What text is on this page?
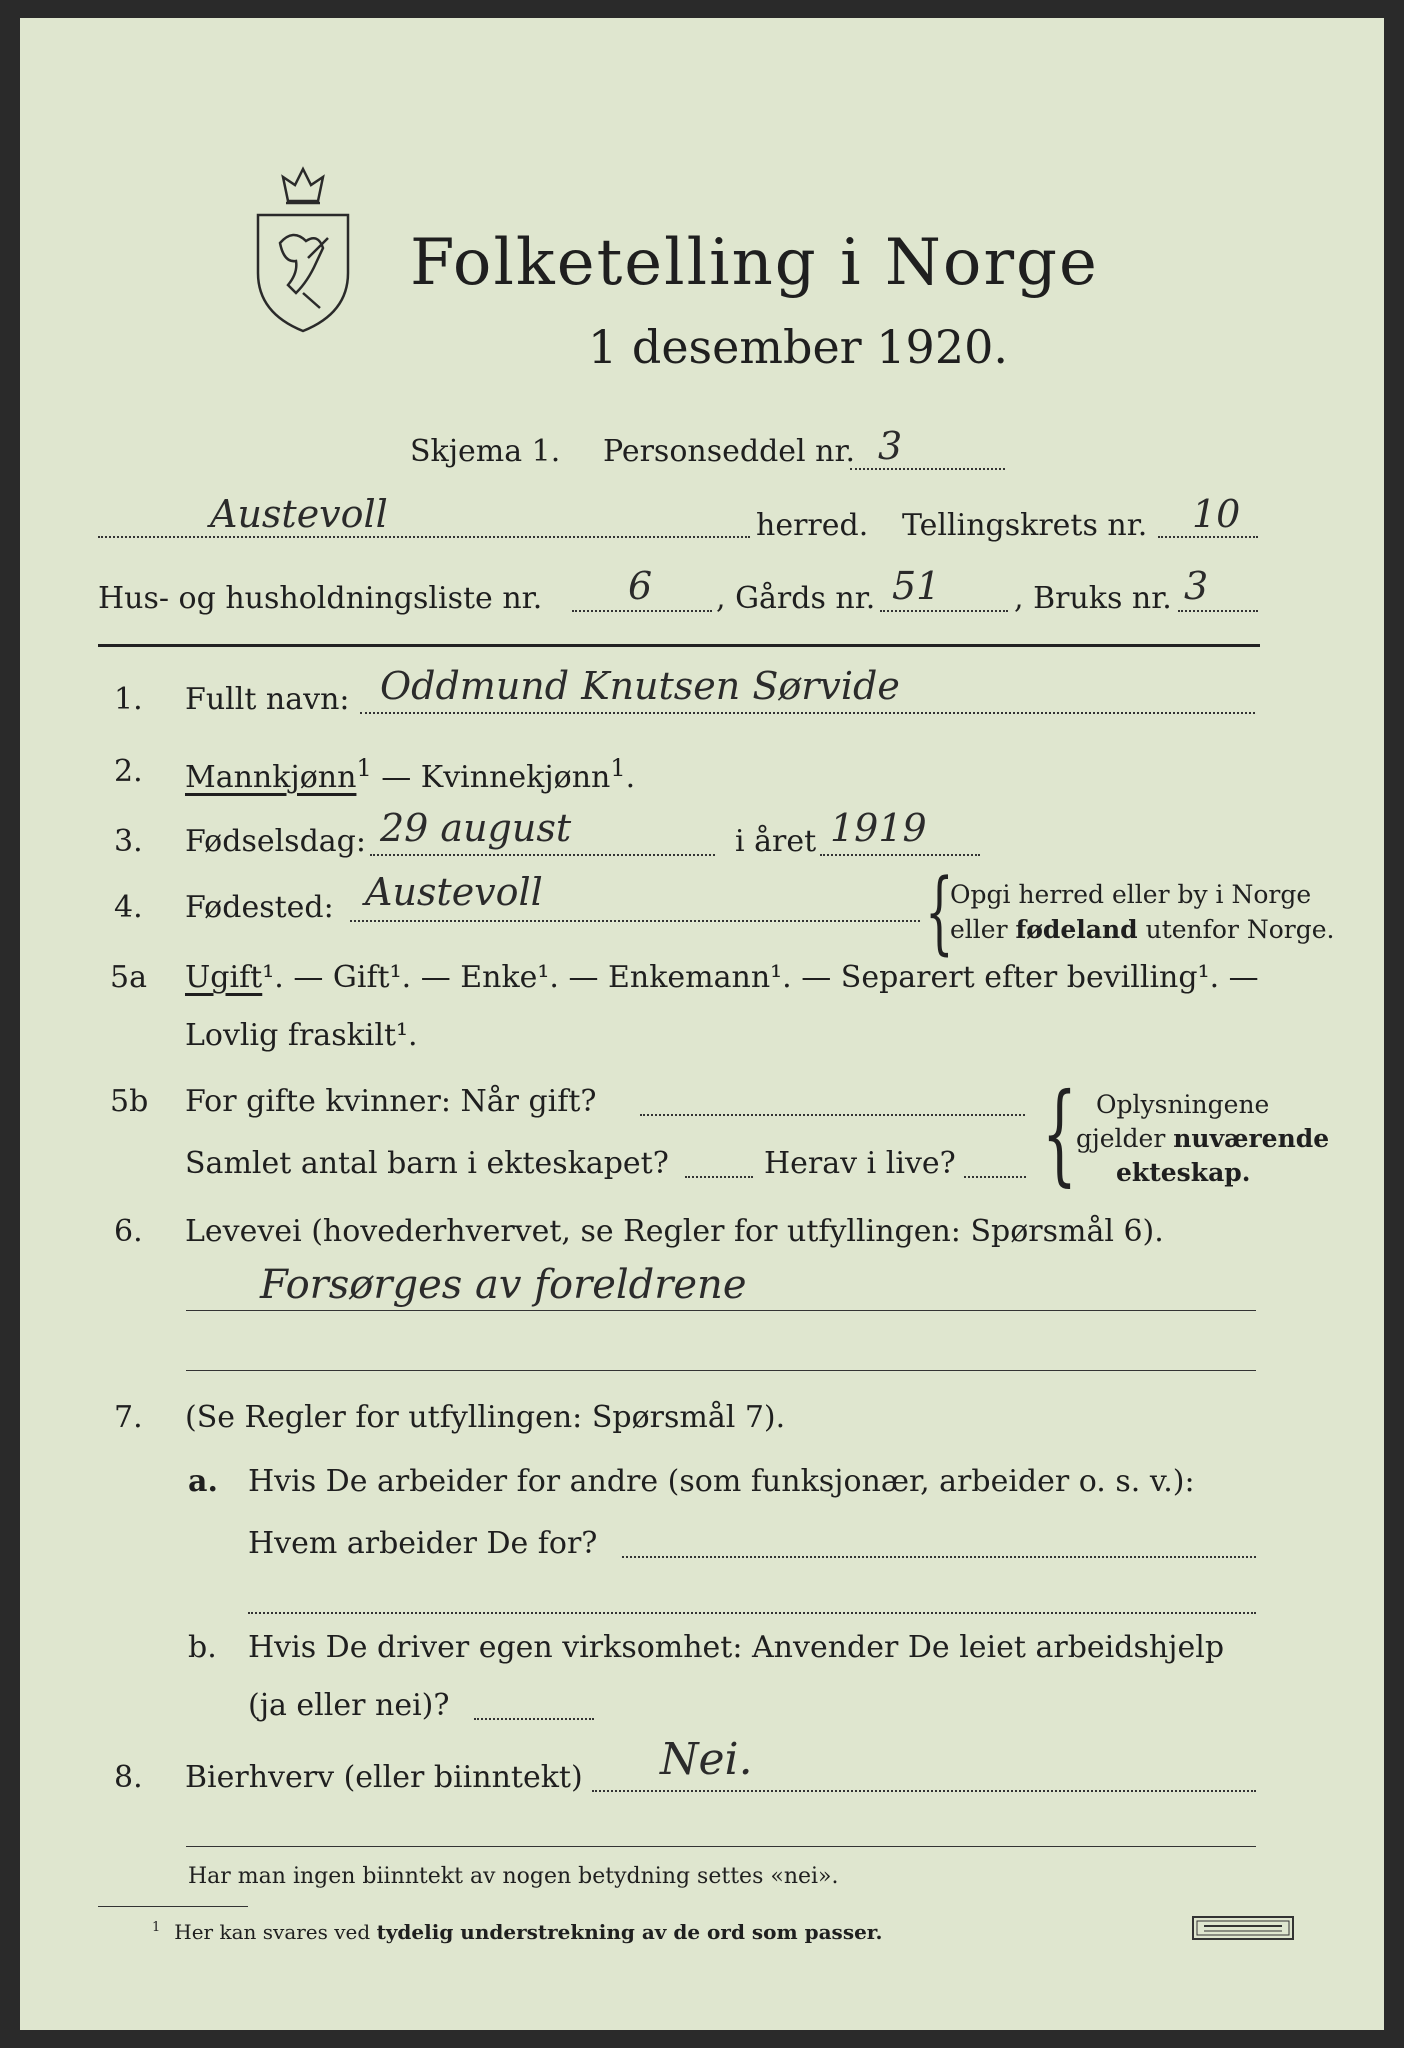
Folketelling i Norge
1 desember 1920.
Skjema 1. Personseddel nr. 3
Austevoll	herred. Tellingskrets nr. 10
Hus- og husholdningsliste nr. 6 , Gårds nr. 51 , Bruks nr. 3
1. Fullt navn: Oddmund Knutsen Sørvide
2. Mannkjønn$^1$ — Kvinnekjønn$^1$.
3. Fødselsdag: 29 august	i året 1919
4. Fødested: Austevoll	{
Opgi herred eller by i Norge
eller fødeland utenfor Norge.
5a Ugift¹. — Gift¹. — Enke¹. — Enkemann¹. — Separert efter bevilling¹. —
Lovlig fraskilt¹.
5b For gifte kvinner: Når gift?
Samlet antal barn i ekteskapet?	Herav i live? { Oplysningene
gjelder nuværende
ekteskap.
6. Levevei (hovederhvervet, se Regler for utfyllingen: Spørsmål 6).
Forsørges av foreldrene
7. (Se Regler for utfyllingen: Spørsmål 7).
a. Hvis De arbeider for andre (som funksjonær, arbeider o. s. v.):
Hvem arbeider De for?
b. Hvis De driver egen virksomhet: Anvender De leiet arbeidshjelp
(ja eller nei)?
8. Bierhverv (eller biinntekt) Nei.
Har man ingen biinntekt av nogen betydning settes «nei».
$^1$ Her kan svares ved tydelig understrekning av de ord som passer.
